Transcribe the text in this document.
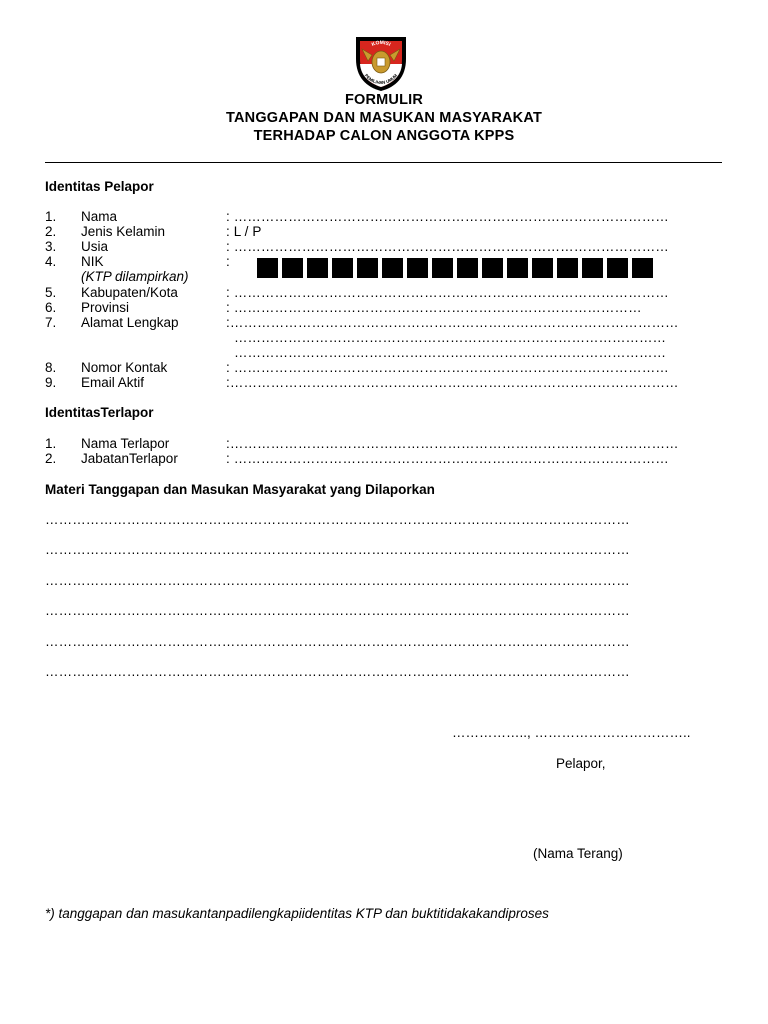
KOMISI
PEMILIHAN UMUM
FORMULIR
TANGGAPAN DAN MASUKAN MASYARAKAT
TERHADAP CALON ANGGOTA KPPS
Identitas Pelapor
1. Nama	: ……………………………………………………………………………………
2. Jenis Kelamin	: L / P
3. Usia	: ……………………………………………………………………………………
4. NIK	:
(KTP dilampirkan)
5. Kabupaten/Kota	: ……………………………………………………………………………………
6. Provinsi	: ………………………………………………………………………………
7. Alamat Lengkap	:………………………………………………………………………………………
……………………………………………………………………………………
……………………………………………………………………………………
8. Nomor Kontak	: ……………………………………………………………………………………
9. Email Aktif	:………………………………………………………………………………………
IdentitasTerlapor
1. Nama Terlapor	:………………………………………………………………………………………
2. JabatanTerlapor	: ……………………………………………………………………………………
Materi Tanggapan dan Masukan Masyarakat yang Dilaporkan
…………………………………………………………………………………………………………………
…………………………………………………………………………………………………………………
…………………………………………………………………………………………………………………
…………………………………………………………………………………………………………………
…………………………………………………………………………………………………………………
…………………………………………………………………………………………………………………
…………….., ……………………………..
Pelapor,
(Nama Terang)
*) tanggapan dan masukantanpadilengkapiidentitas KTP dan buktitidakakandiproses
